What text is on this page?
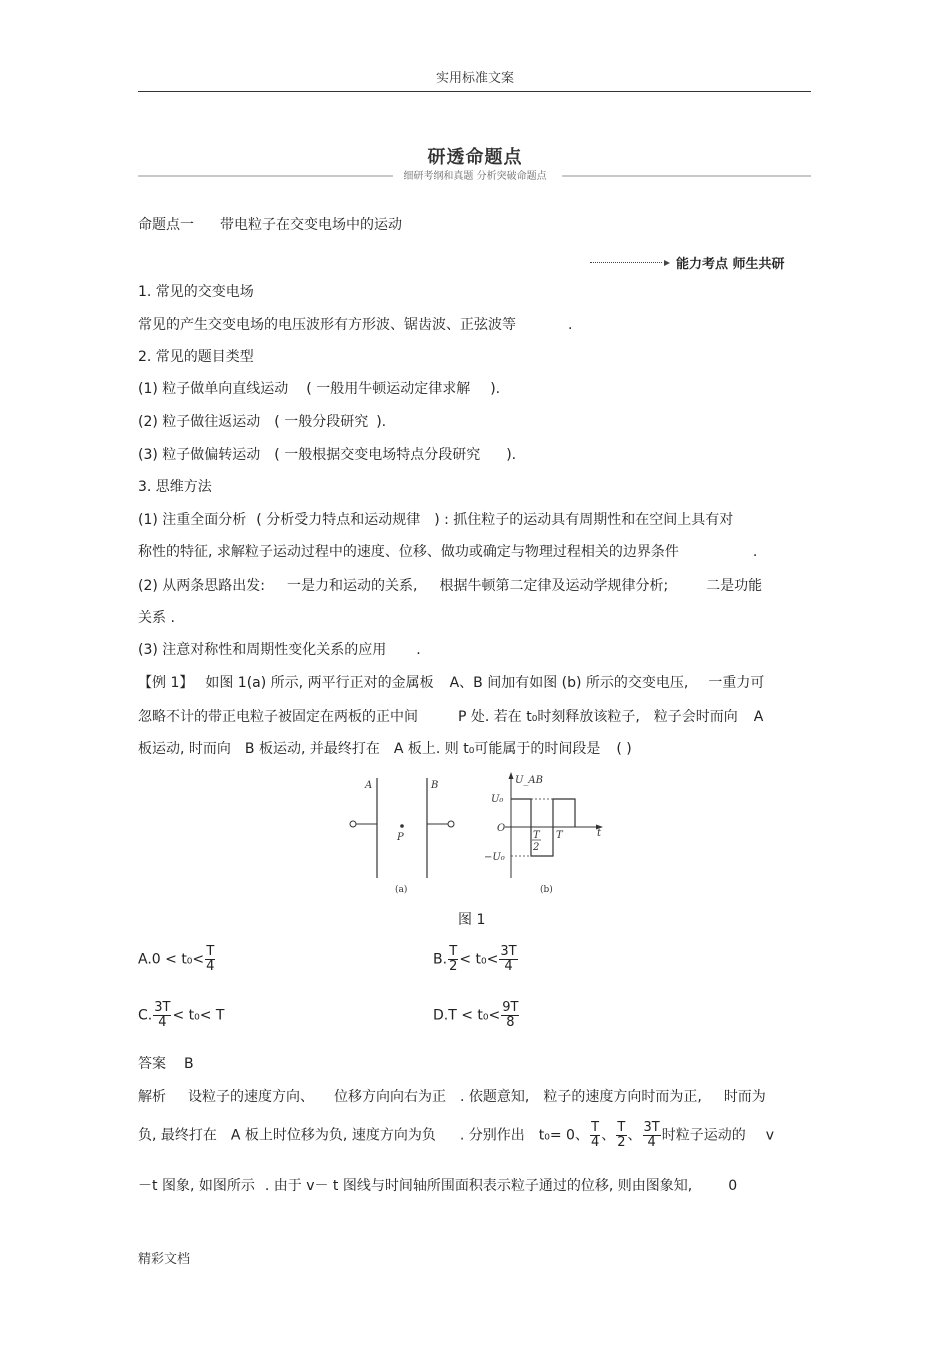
实用标准文案
研透命题点
细研考纲和真题 分析突破命题点
命题点一 带电粒子在交变电场中的运动
能力考点 师生共研
1. 常见的交变电场
常见的产生交变电场的电压波形有方形波、锯齿波、正弦波等	.
2. 常见的题目类型
(1) 粒子做单向直线运动 ( 一般用牛顿运动定律求解 ).
(2) 粒子做往返运动 ( 一般分段研究 ).
(3) 粒子做偏转运动 ( 一般根据交变电场特点分段研究 ).
3. 思维方法
(1) 注重全面分析 ( 分析受力特点和运动规律 ) : 抓住粒子的运动具有周期性和在空间上具有对
称性的特征, 求解粒子运动过程中的速度、位移、做功或确定与物理过程相关的边界条件	.
(2) 从两条思路出发: 一是力和运动的关系, 根据牛顿第二定律及运动学规律分析;	二是功能
关系 .
(3) 注意对称性和周期性变化关系的应用 .
【例 1】 如图 1(a) 所示, 两平行正对的金属板 A、B 间加有如图 (b) 所示的交变电压, 一重力可
忽略不计的带正电粒子被固定在两板的正中间	P 处. 若在 t₀时刻释放该粒子, 粒子会时而向 A
板运动, 时而向 B 板运动, 并最终打在 A 板上. 则 t₀可能属于的时间段是 ( )
A	B
P
U_AB
t
O
U₀
−U₀
T
2
T
(a)	(b)
图 1
$A.0 < t_0< \frac{T}{4}$	B. $\frac{T}{2} < t_0< \frac{3T}{4}$
C. $\frac{3T}{4} < t_0< T$	$D.T < t_0< \frac{9T}{8}$
答案 B
解析 设粒子的速度方向、 位移方向向右为正 . 依题意知, 粒子的速度方向时而为正, 时而为
负, 最终打在 A 板上时位移为负, 速度方向为负 . 分别作出 t₀= 0、 $\frac{T}{4}$ 、 $\frac{T}{2}$ 、 $\frac{3T}{4}$ 时粒子运动的 v
－t 图象, 如图所示 . 由于 v－ t 图线与时间轴所围面积表示粒子通过的位移, 则由图象知,	0
精彩文档
